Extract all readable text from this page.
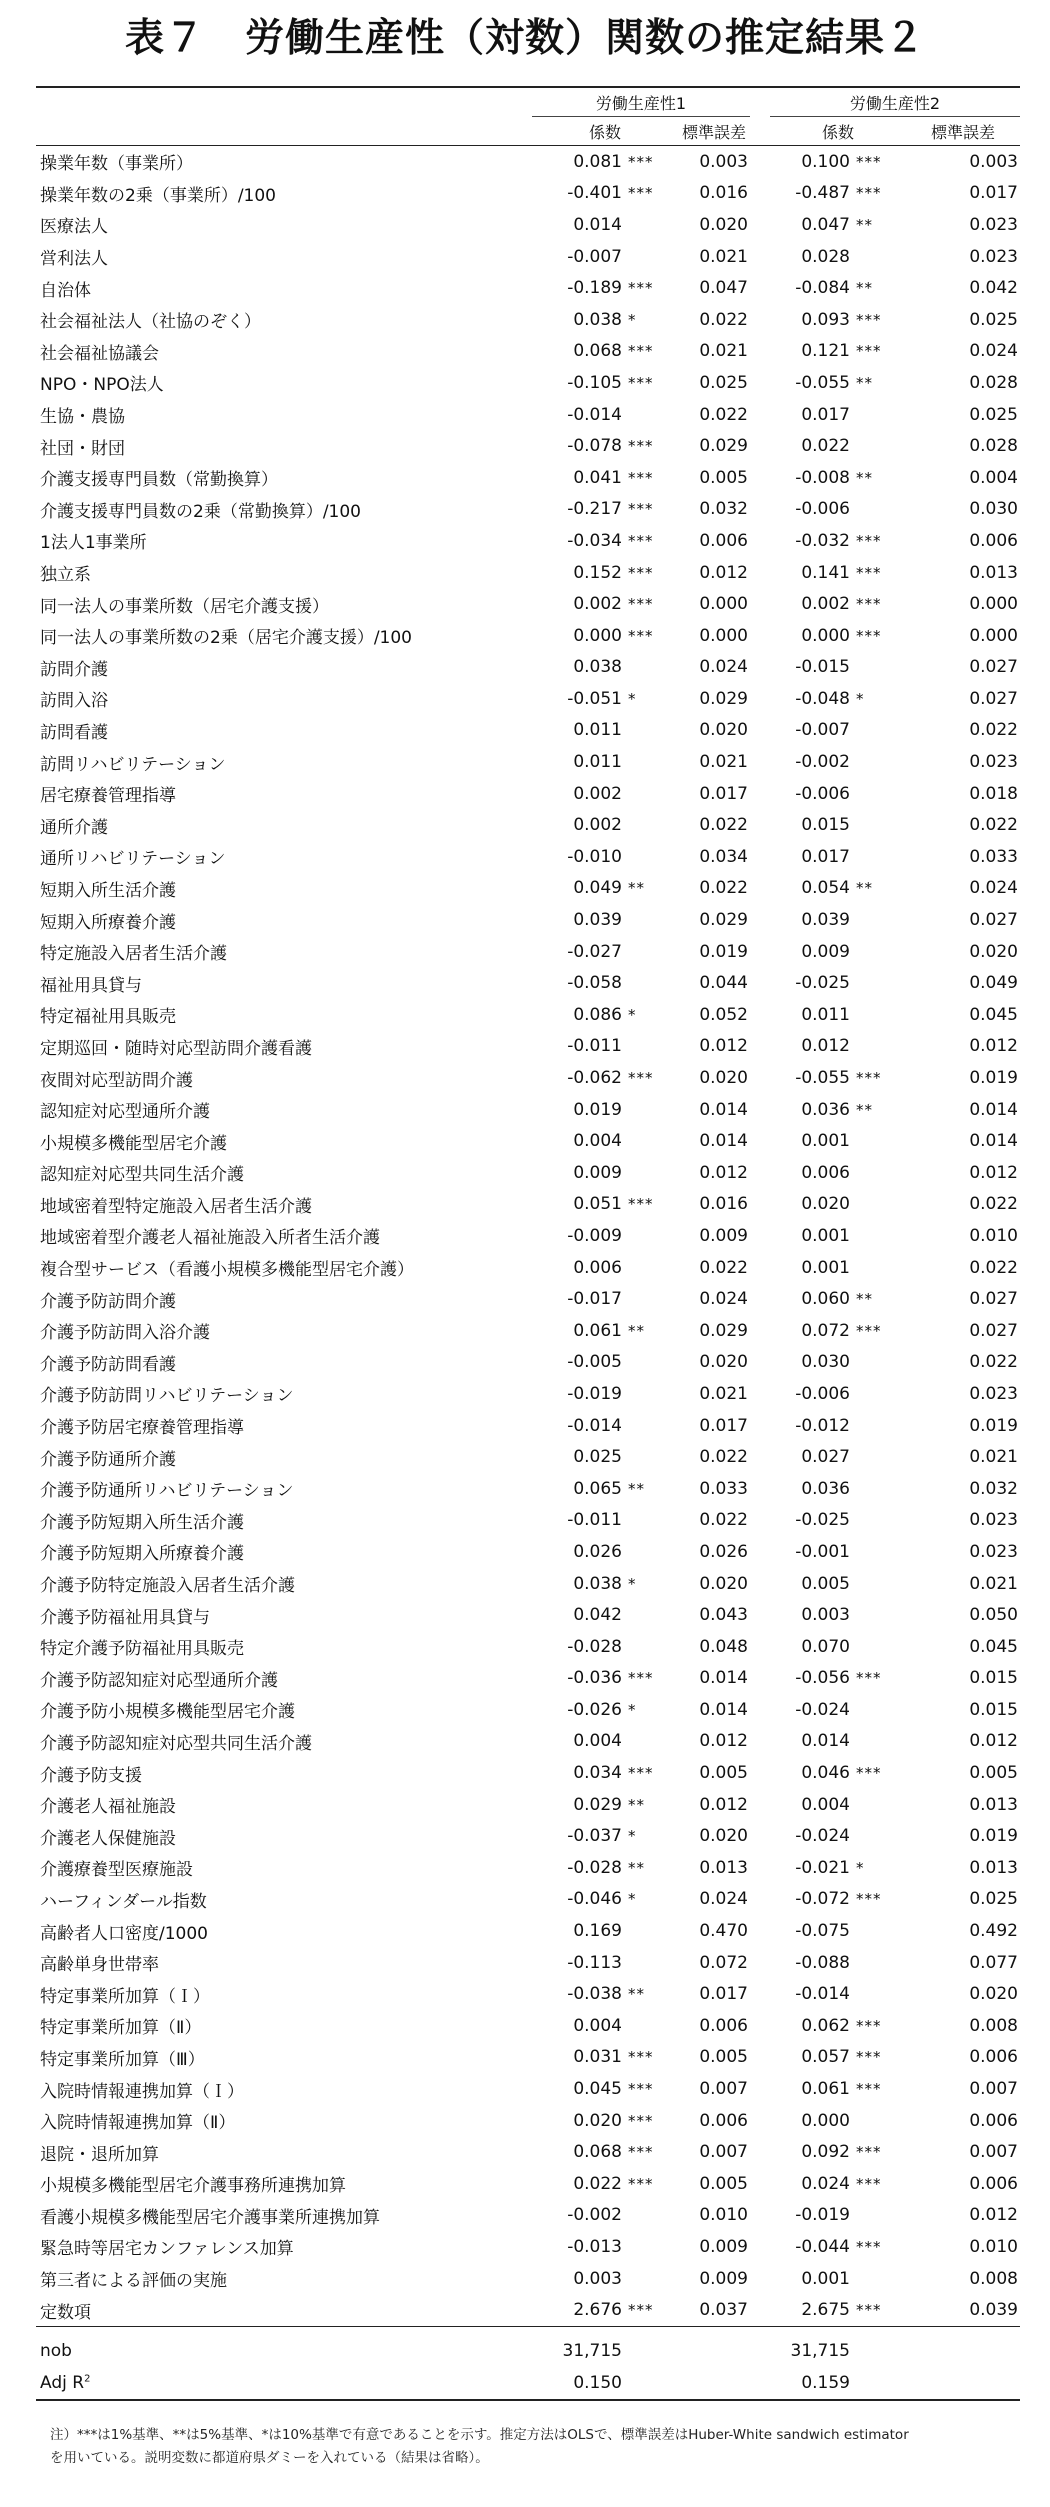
表７　労働生産性（対数）関数の推定結果２

	労働生産性1				労働生産性2		
	係数		標準誤差		係数		標準誤差
操業年数（事業所）	0.081	***	0.003		0.100	***	0.003
操業年数の2乗（事業所）/100	-0.401	***	0.016		-0.487	***	0.017
医療法人	0.014		0.020		0.047	**	0.023
営利法人	-0.007		0.021		0.028		0.023
自治体	-0.189	***	0.047		-0.084	**	0.042
社会福祉法人（社協のぞく）	0.038	*	0.022		0.093	***	0.025
社会福祉協議会	0.068	***	0.021		0.121	***	0.024
NPO・NPO法人	-0.105	***	0.025		-0.055	**	0.028
生協・農協	-0.014		0.022		0.017		0.025
社団・財団	-0.078	***	0.029		0.022		0.028
介護支援専門員数（常勤換算）	0.041	***	0.005		-0.008	**	0.004
介護支援専門員数の2乗（常勤換算）/100	-0.217	***	0.032		-0.006		0.030
1法人1事業所	-0.034	***	0.006		-0.032	***	0.006
独立系	0.152	***	0.012		0.141	***	0.013
同一法人の事業所数（居宅介護支援）	0.002	***	0.000		0.002	***	0.000
同一法人の事業所数の2乗（居宅介護支援）/100	0.000	***	0.000		0.000	***	0.000
訪問介護	0.038		0.024		-0.015		0.027
訪問入浴	-0.051	*	0.029		-0.048	*	0.027
訪問看護	0.011		0.020		-0.007		0.022
訪問リハビリテーション	0.011		0.021		-0.002		0.023
居宅療養管理指導	0.002		0.017		-0.006		0.018
通所介護	0.002		0.022		0.015		0.022
通所リハビリテーション	-0.010		0.034		0.017		0.033
短期入所生活介護	0.049	**	0.022		0.054	**	0.024
短期入所療養介護	0.039		0.029		0.039		0.027
特定施設入居者生活介護	-0.027		0.019		0.009		0.020
福祉用具貸与	-0.058		0.044		-0.025		0.049
特定福祉用具販売	0.086	*	0.052		0.011		0.045
定期巡回・随時対応型訪問介護看護	-0.011		0.012		0.012		0.012
夜間対応型訪問介護	-0.062	***	0.020		-0.055	***	0.019
認知症対応型通所介護	0.019		0.014		0.036	**	0.014
小規模多機能型居宅介護	0.004		0.014		0.001		0.014
認知症対応型共同生活介護	0.009		0.012		0.006		0.012
地域密着型特定施設入居者生活介護	0.051	***	0.016		0.020		0.022
地域密着型介護老人福祉施設入所者生活介護	-0.009		0.009		0.001		0.010
複合型サービス（看護小規模多機能型居宅介護）	0.006		0.022		0.001		0.022
介護予防訪問介護	-0.017		0.024		0.060	**	0.027
介護予防訪問入浴介護	0.061	**	0.029		0.072	***	0.027
介護予防訪問看護	-0.005		0.020		0.030		0.022
介護予防訪問リハビリテーション	-0.019		0.021		-0.006		0.023
介護予防居宅療養管理指導	-0.014		0.017		-0.012		0.019
介護予防通所介護	0.025		0.022		0.027		0.021
介護予防通所リハビリテーション	0.065	**	0.033		0.036		0.032
介護予防短期入所生活介護	-0.011		0.022		-0.025		0.023
介護予防短期入所療養介護	0.026		0.026		-0.001		0.023
介護予防特定施設入居者生活介護	0.038	*	0.020		0.005		0.021
介護予防福祉用具貸与	0.042		0.043		0.003		0.050
特定介護予防福祉用具販売	-0.028		0.048		0.070		0.045
介護予防認知症対応型通所介護	-0.036	***	0.014		-0.056	***	0.015
介護予防小規模多機能型居宅介護	-0.026	*	0.014		-0.024		0.015
介護予防認知症対応型共同生活介護	0.004		0.012		0.014		0.012
介護予防支援	0.034	***	0.005		0.046	***	0.005
介護老人福祉施設	0.029	**	0.012		0.004		0.013
介護老人保健施設	-0.037	*	0.020		-0.024		0.019
介護療養型医療施設	-0.028	**	0.013		-0.021	*	0.013
ハーフィンダール指数	-0.046	*	0.024		-0.072	***	0.025
高齢者人口密度/1000	0.169		0.470		-0.075		0.492
高齢単身世帯率	-0.113		0.072		-0.088		0.077
特定事業所加算（Ｉ）	-0.038	**	0.017		-0.014		0.020
特定事業所加算（Ⅱ）	0.004		0.006		0.062	***	0.008
特定事業所加算（Ⅲ）	0.031	***	0.005		0.057	***	0.006
入院時情報連携加算（Ｉ）	0.045	***	0.007		0.061	***	0.007
入院時情報連携加算（Ⅱ）	0.020	***	0.006		0.000		0.006
退院・退所加算	0.068	***	0.007		0.092	***	0.007
小規模多機能型居宅介護事務所連携加算	0.022	***	0.005		0.024	***	0.006
看護小規模多機能型居宅介護事業所連携加算	-0.002		0.010		-0.019		0.012
緊急時等居宅カンファレンス加算	-0.013		0.009		-0.044	***	0.010
第三者による評価の実施	0.003		0.009		0.001		0.008
定数項	2.676	***	0.037		2.675	***	0.039
nob	31,715				31,715		
Adj $R^2$	0.150				0.159		
注）***は1%基準、**は5%基準、*は10%基準で有意であることを示す。推定方法はOLSで、標準誤差はHuber-White sandwich estimator
を用いている。説明変数に都道府県ダミーを入れている（結果は省略）。
